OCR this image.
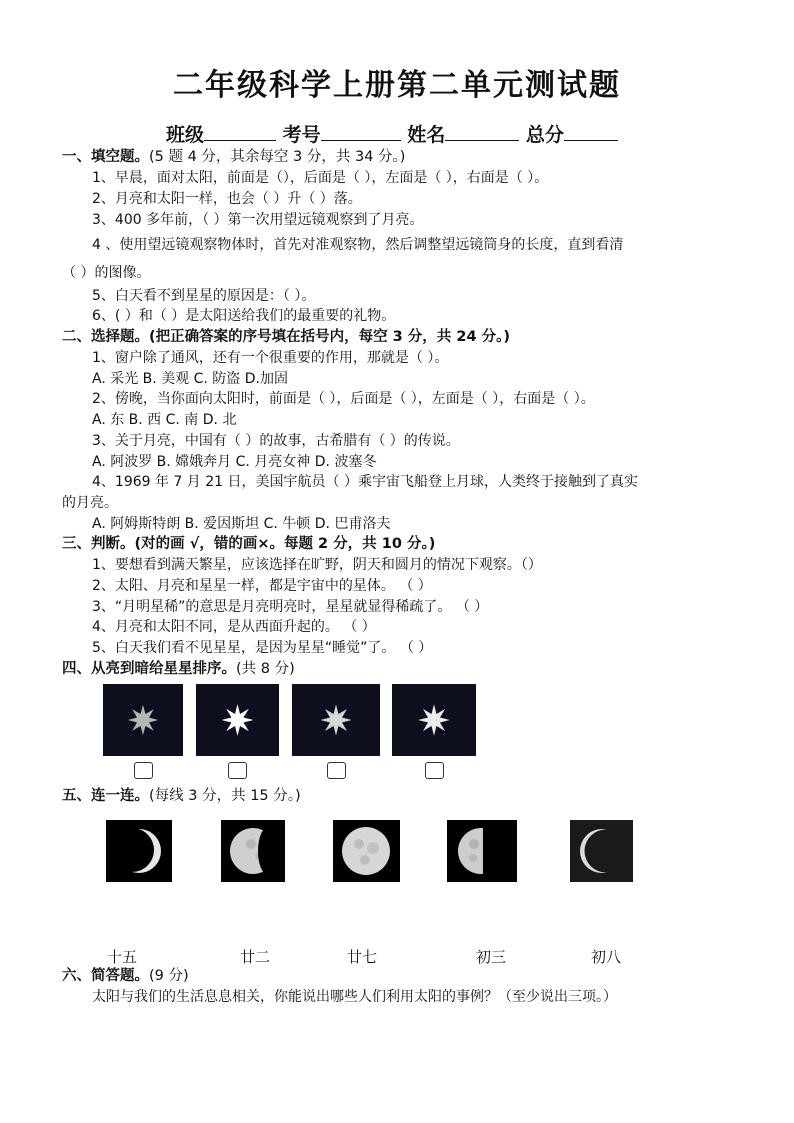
二年级科学上册第二单元测试题
班级	考号	姓名	总分
一、填空题。(5 题 4 分，其余每空 3 分，共 34 分。)
1、早晨，面对太阳，前面是（），后面是（ ），左面是（ ），右面是（ ）。
2、月亮和太阳一样，也会（ ）升（ ）落。
3、400 多年前，（ ）第一次用望远镜观察到了月亮。
4 、使用望远镜观察物体时，首先对准观察物，然后调整望远镜筒身的长度，直到看清
（ ）的图像。
5、白天看不到星星的原因是：（ ）。
6、( ）和（ ）是太阳送给我们的最重要的礼物。
二、选择题。(把正确答案的序号填在括号内，每空 3 分，共 24 分。)
1、窗户除了通风，还有一个很重要的作用，那就是（ ）。
A. 采光 B. 美观 C. 防盗 D.加固
2、傍晚，当你面向太阳时，前面是（ ），后面是（ ），左面是（ ），右面是（ ）。
A. 东 B. 西 C. 南 D. 北
3、关于月亮，中国有（ ）的故事，古希腊有（ ）的传说。
A. 阿波罗 B. 嫦娥奔月 C. 月亮女神 D. 波塞冬
4、1969 年 7 月 21 日，美国宇航员（ ）乘宇宙飞船登上月球，人类终于接触到了真实
的月亮。
A. 阿姆斯特朗 B. 爱因斯坦 C. 牛顿 D. 巴甫洛夫
三、判断。(对的画 √，错的画×。每题 2 分，共 10 分。)
1、要想看到满天繁星，应该选择在旷野，阴天和圆月的情况下观察。（）
2、太阳、月亮和星星一样，都是宇宙中的星体。 （ ）
3、“月明星稀”的意思是月亮明亮时，星星就显得稀疏了。 （ ）
4、月亮和太阳不同，是从西面升起的。 （ ）
5、白天我们看不见星星，是因为星星“睡觉”了。 （ ）
四、从亮到暗给星星排序。(共 8 分)
五、连一连。(每线 3 分，共 15 分。)
十五	廿二	廿七	初三	初八
六、简答题。(9 分)
太阳与我们的生活息息相关，你能说出哪些人们利用太阳的事例？（至少说出三项。）
